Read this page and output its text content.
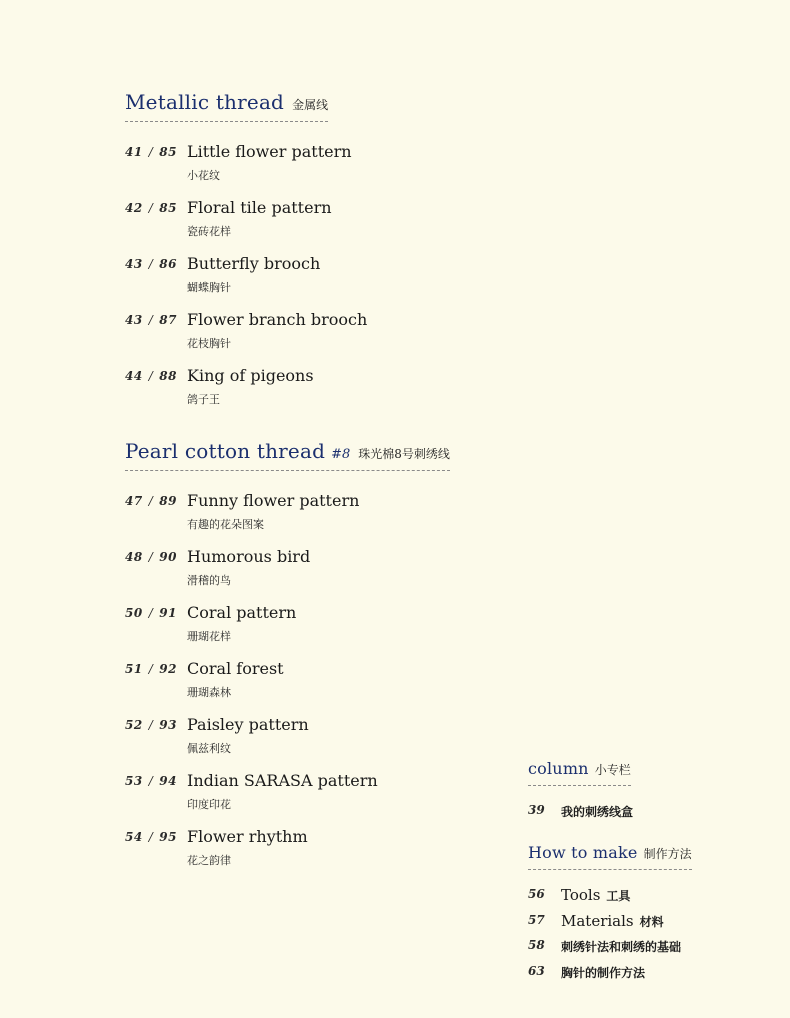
Metallic thread 金属线
41 / 85 Little flower pattern
小花纹
42 / 85 Floral tile pattern
瓷砖花样
43 / 86 Butterfly brooch
蝴蝶胸针
43 / 87 Flower branch brooch
花枝胸针
44 / 88 King of pigeons
鸽子王
Pearl cotton thread #8 珠光棉8号刺绣线
47 / 89 Funny flower pattern
有趣的花朵图案
48 / 90 Humorous bird
滑稽的鸟
50 / 91 Coral pattern
珊瑚花样
51 / 92 Coral forest
珊瑚森林
52 / 93 Paisley pattern
佩兹利纹
53 / 94 Indian SARASA pattern
印度印花
54 / 95 Flower rhythm
花之韵律
column 小专栏
39 我的刺绣线盒
How to make 制作方法
56 Tools 工具
57 Materials 材料
58 刺绣针法和刺绣的基础
63 胸针的制作方法
